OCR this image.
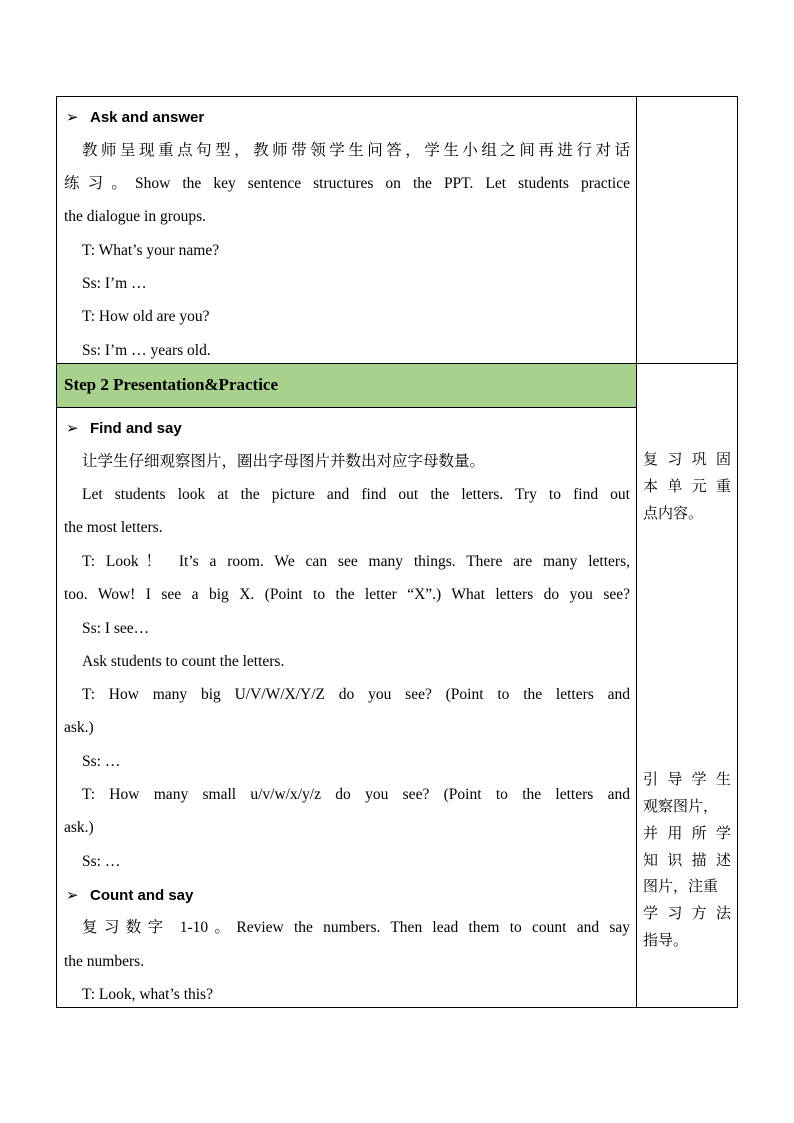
➢ Ask and answer
教师呈现重点句型，教师带领学生问答，学生小组之间再进行对话
练习。Show the key sentence structures on the PPT. Let students practice
the dialogue in groups.
T: What’s your name?
Ss: I’m …
T: How old are you?
Ss: I’m … years old.
Step 2 Presentation&Practice
➢ Find and say
让学生仔细观察图片，圈出字母图片并数出对应字母数量。
Let students look at the picture and find out the letters. Try to find out
the most letters.
T: Look！ It’s a room. We can see many things. There are many letters,
too. Wow! I see a big X. (Point to the letter “X”.) What letters do you see?
Ss: I see…
Ask students to count the letters.
T: How many big U/V/W/X/Y/Z do you see? (Point to the letters and
ask.)
Ss: …
T: How many small u/v/w/x/y/z do you see? (Point to the letters and
ask.)
Ss: …
➢ Count and say
复习数字 1-10。Review the numbers. Then lead them to count and say
the numbers.
T: Look, what’s this?
复习巩固
本单元重
点内容。
引导学生
观察图片，
并用所学
知识描述
图片，注重
学习方法
指导。
